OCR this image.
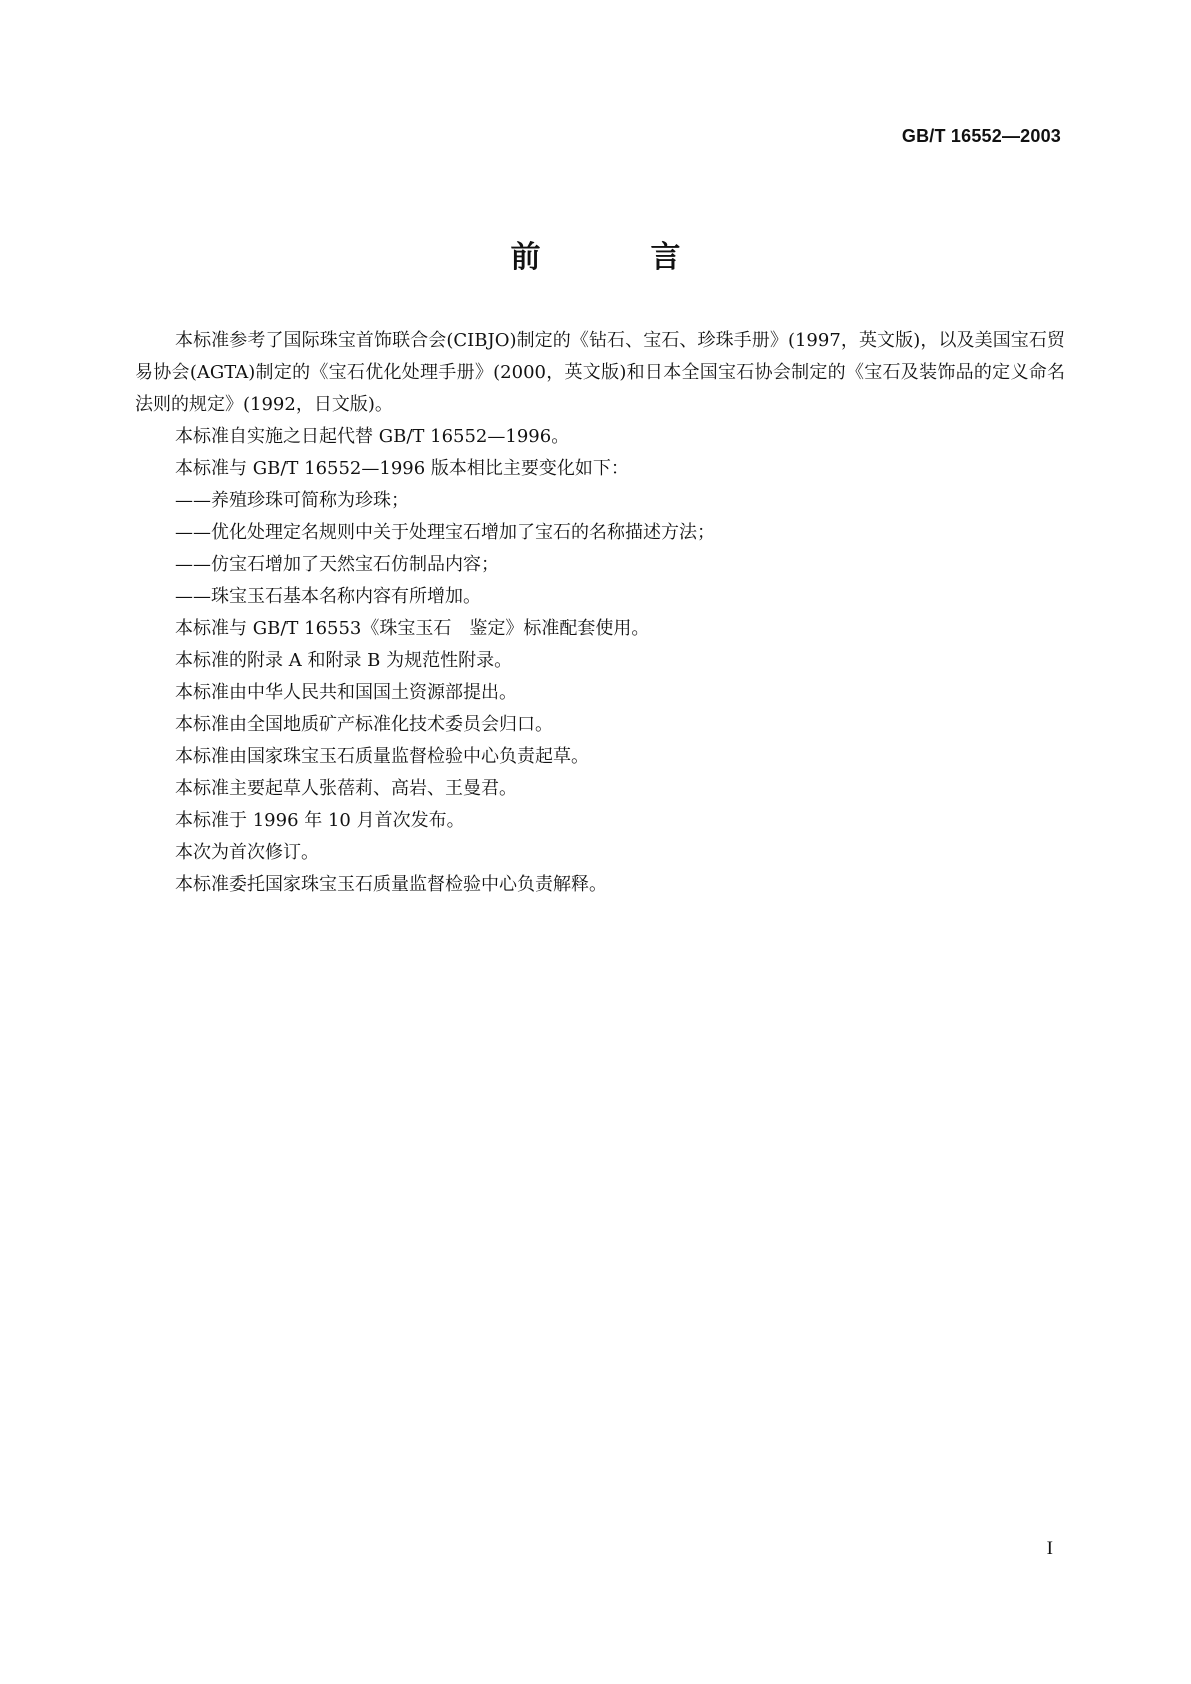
GB/T 16552—2003
前　言

本标准参考了国际珠宝首饰联合会(CIBJO)制定的《钻石、宝石、珍珠手册》(1997，英文版)，以及美国宝石贸易协会(AGTA)制定的《宝石优化处理手册》(2000，英文版)和日本全国宝石协会制定的《宝石及装饰品的定义命名法则的规定》(1992，日文版)。

本标准自实施之日起代替 GB/T 16552—1996。

本标准与 GB/T 16552—1996 版本相比主要变化如下：

——养殖珍珠可简称为珍珠；

——优化处理定名规则中关于处理宝石增加了宝石的名称描述方法；

——仿宝石增加了天然宝石仿制品内容；

——珠宝玉石基本名称内容有所增加。

本标准与 GB/T 16553《珠宝玉石　鉴定》标准配套使用。

本标准的附录 A 和附录 B 为规范性附录。

本标准由中华人民共和国国土资源部提出。

本标准由全国地质矿产标准化技术委员会归口。

本标准由国家珠宝玉石质量监督检验中心负责起草。

本标准主要起草人张蓓莉、高岩、王曼君。

本标准于 1996 年 10 月首次发布。

本次为首次修订。

本标准委托国家珠宝玉石质量监督检验中心负责解释。

I
